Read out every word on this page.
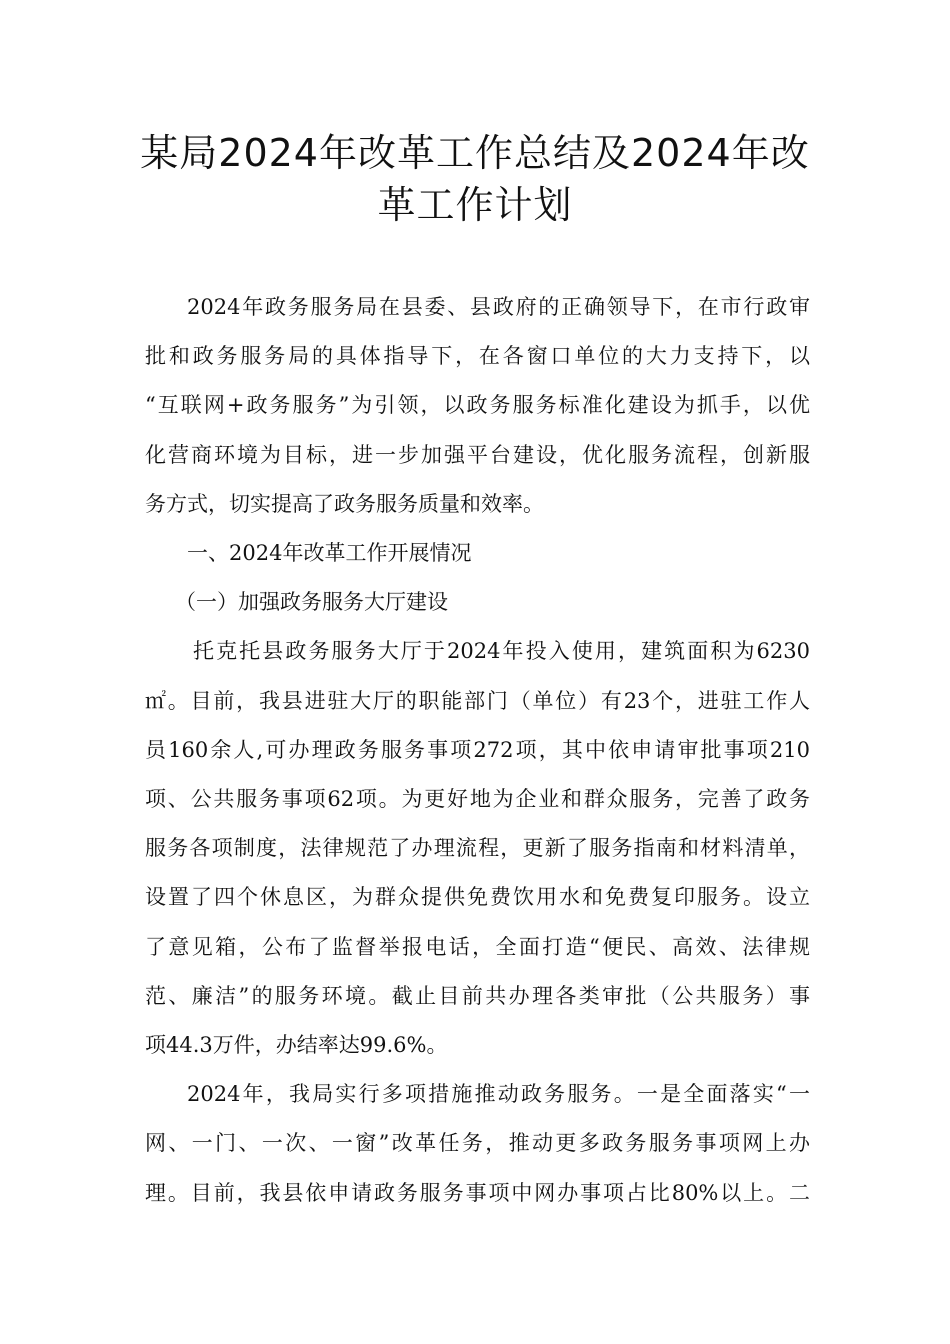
某局2024年改革工作总结及2024年改
革工作计划

2024年政务服务局在县委、县政府的正确领导下，在市行政审
批和政务服务局的具体指导下，在各窗口单位的大力支持下，以
“互联网+政务服务”为引领，以政务服务标准化建设为抓手，以优
化营商环境为目标，进一步加强平台建设，优化服务流程，创新服
务方式，切实提高了政务服务质量和效率。

一、2024年改革工作开展情况

（一）加强政务服务大厅建设

托克托县政务服务大厅于2024年投入使用，建筑面积为6230
㎡。目前，我县进驻大厅的职能部门（单位）有23个，进驻工作人
员160余人,可办理政务服务事项272项，其中依申请审批事项210
项、公共服务事项62项。为更好地为企业和群众服务，完善了政务
服务各项制度，法律规范了办理流程，更新了服务指南和材料清单，
设置了四个休息区，为群众提供免费饮用水和免费复印服务。设立
了意见箱，公布了监督举报电话，全面打造“便民、高效、法律规
范、廉洁”的服务环境。截止目前共办理各类审批（公共服务）事
项44.3万件，办结率达99.6%。

2024年，我局实行多项措施推动政务服务。一是全面落实“一
网、一门、一次、一窗”改革任务，推动更多政务服务事项网上办
理。目前，我县依申请政务服务事项中网办事项占比80%以上。二
